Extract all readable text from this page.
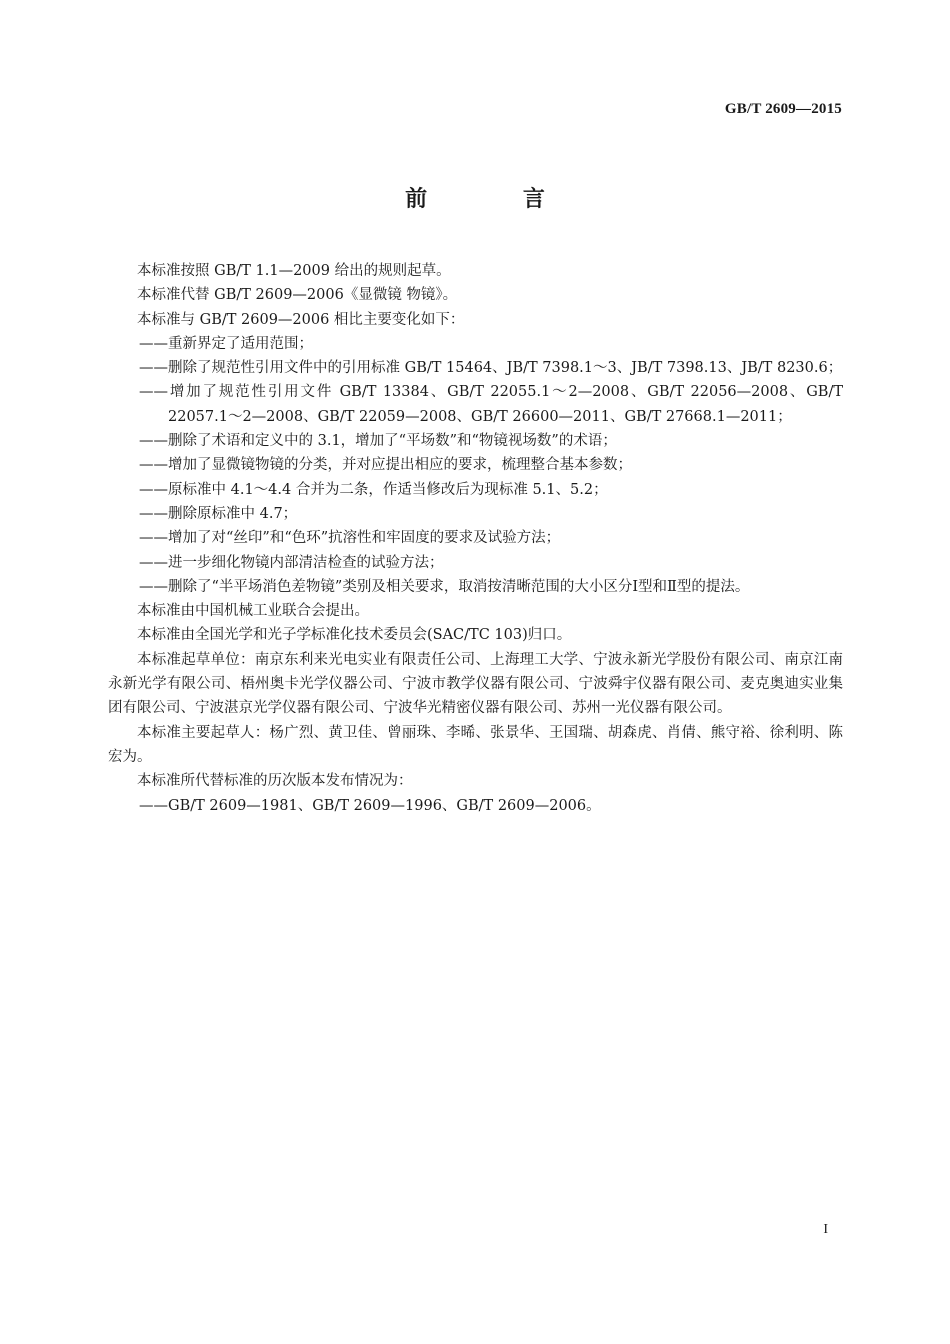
GB/T 2609—2015
前 言

本标准按照 GB/T 1.1—2009 给出的规则起草。

本标准代替 GB/T 2609—2006《显微镜 物镜》。

本标准与 GB/T 2609—2006 相比主要变化如下：

——重新界定了适用范围；

——删除了规范性引用文件中的引用标准 GB/T 15464、JB/T 7398.1～3、JB/T 7398.13、JB/T 8230.6；

——增加了规范性引用文件 GB/T 13384、GB/T 22055.1～2—2008、GB/T 22056—2008、GB/T 22057.1～2—2008、GB/T 22059—2008、GB/T 26600—2011、GB/T 27668.1—2011；

——删除了术语和定义中的 3.1，增加了“平场数”和“物镜视场数”的术语；

——增加了显微镜物镜的分类，并对应提出相应的要求，梳理整合基本参数；

——原标准中 4.1～4.4 合并为二条，作适当修改后为现标准 5.1、5.2；

——删除原标准中 4.7；

——增加了对“丝印”和“色环”抗溶性和牢固度的要求及试验方法；

——进一步细化物镜内部清洁检查的试验方法；

——删除了“半平场消色差物镜”类别及相关要求，取消按清晰范围的大小区分Ⅰ型和Ⅱ型的提法。

本标准由中国机械工业联合会提出。

本标准由全国光学和光子学标准化技术委员会(SAC/TC 103)归口。

本标准起草单位：南京东利来光电实业有限责任公司、上海理工大学、宁波永新光学股份有限公司、南京江南永新光学有限公司、梧州奥卡光学仪器公司、宁波市教学仪器有限公司、宁波舜宇仪器有限公司、麦克奥迪实业集团有限公司、宁波湛京光学仪器有限公司、宁波华光精密仪器有限公司、苏州一光仪器有限公司。

本标准主要起草人：杨广烈、黄卫佳、曾丽珠、李晞、张景华、王国瑞、胡森虎、肖倩、熊守裕、徐利明、陈宏为。

本标准所代替标准的历次版本发布情况为：

——GB/T 2609—1981、GB/T 2609—1996、GB/T 2609—2006。

I
